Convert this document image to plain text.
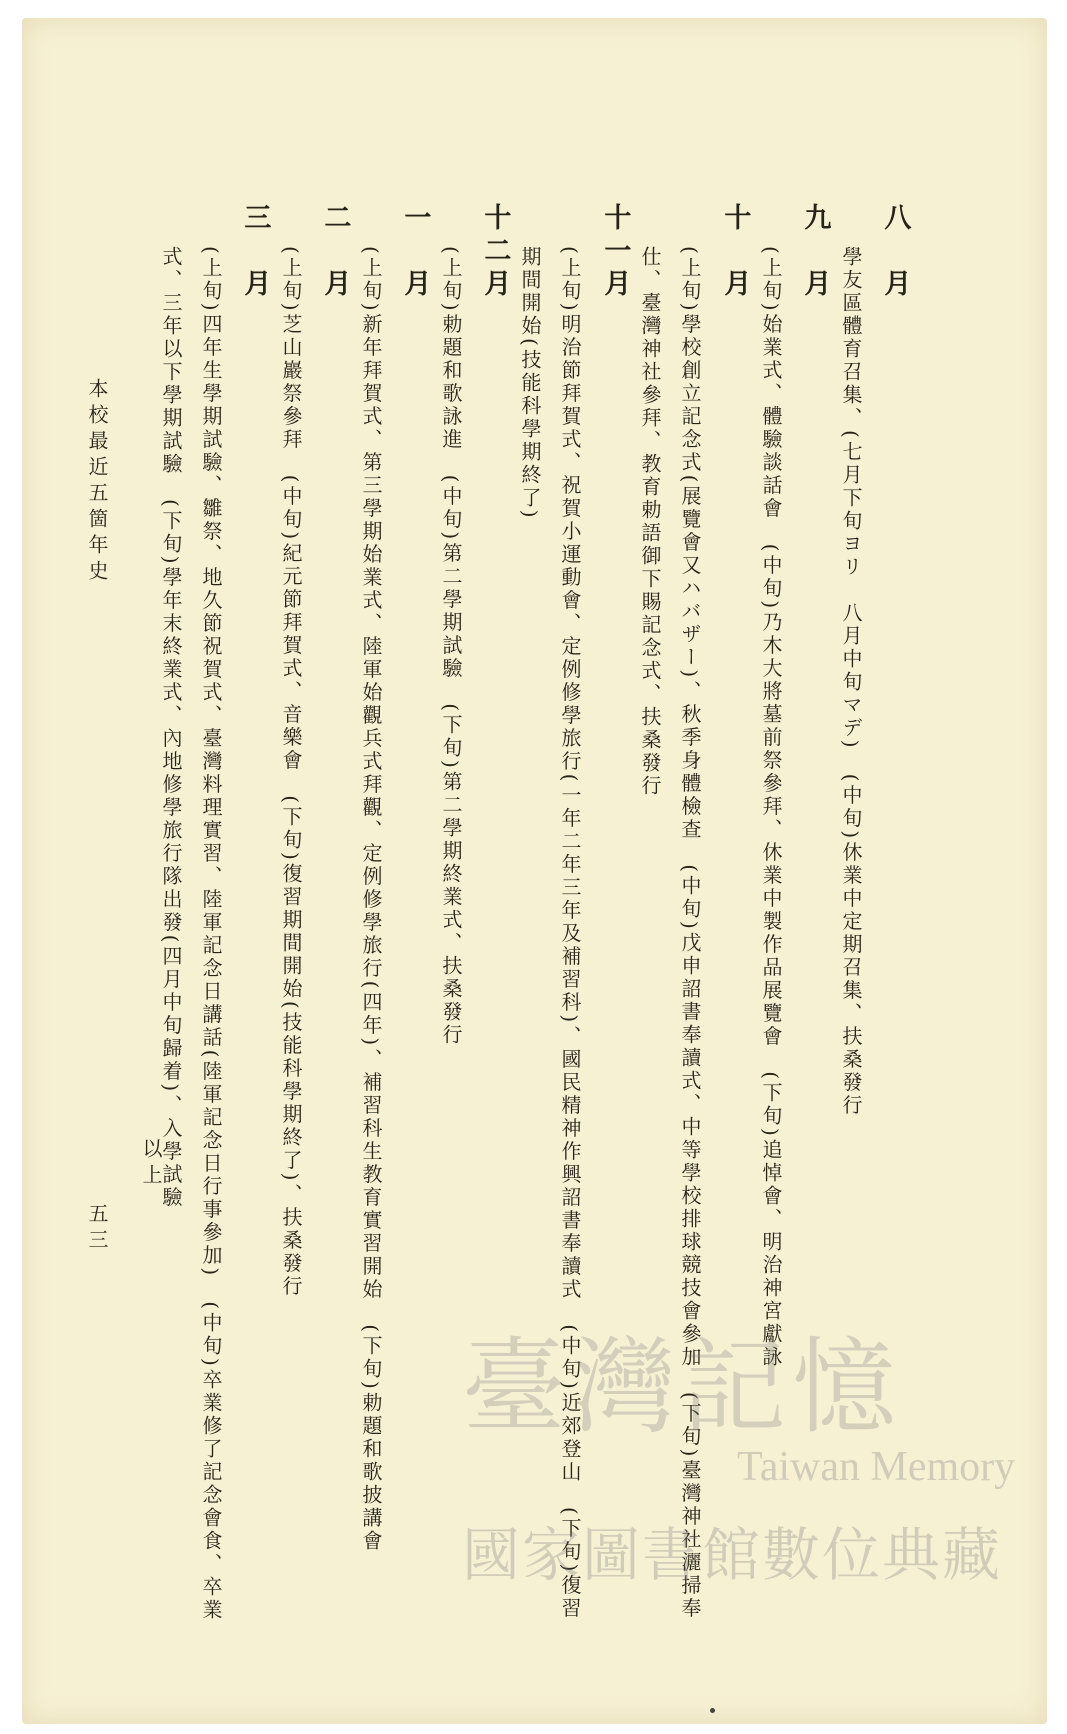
八　月
學友區體育召集、(七月下旬ヨリ　八月中旬マデ)　(中旬)休業中定期召集、扶桑發行
九　月
(上旬)始業式、體驗談話會　(中旬)乃木大將墓前祭參拜、休業中製作品展覽會　(下旬)追悼會、明治神宮獻詠
十　月
(上旬)學校創立記念式(展覽會又ハバザー)、秋季身體檢查　(中旬)戊申詔書奉讀式、中等學校排球競技會參加　(下旬)臺灣神社灑掃奉
仕、臺灣神社參拜、教育勅語御下賜記念式、扶桑發行
十一月
(上旬)明治節拜賀式、祝賀小運動會、定例修學旅行(一年二年三年及補習科)、國民精神作興詔書奉讀式　(中旬)近郊登山　(下旬)復習
期間開始(技能科學期終了)
十二月
(上旬)勅題和歌詠進　(中旬)第二學期試驗　(下旬)第二學期終業式、扶桑發行
一　月
(上旬)新年拜賀式、第三學期始業式、陸軍始觀兵式拜觀、定例修學旅行(四年)、補習科生教育實習開始　(下旬)勅題和歌披講會
二　月
(上旬)芝山巖祭參拜　(中旬)紀元節拜賀式、音樂會　(下旬)復習期間開始(技能科學期終了)、扶桑發行
三　月
(上旬)四年生學期試驗、雛祭、地久節祝賀式、臺灣料理實習、陸軍記念日講話(陸軍記念日行事參加)　(中旬)卒業修了記念會食、卒業
式、三年以下學期試驗　(下旬)學年末終業式、內地修學旅行隊出發(四月中旬歸着)、入學試驗
以上
本校最近五箇年史
五三
臺灣記憶
Taiwan Memory
國家圖書館數位典藏
